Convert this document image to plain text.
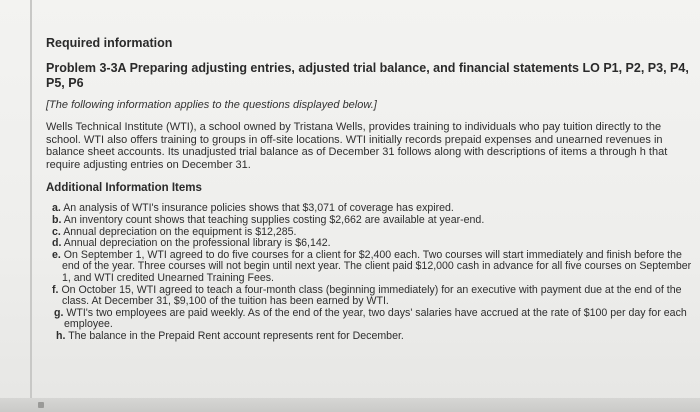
Required information

Problem 3-3A Preparing adjusting entries, adjusted trial balance, and financial statements LO P1, P2, P3, P4, P5, P6

[The following information applies to the questions displayed below.]

Wells Technical Institute (WTI), a school owned by Tristana Wells, provides training to individuals who pay tuition directly to the school. WTI also offers training to groups in off-site locations. WTI initially records prepaid expenses and unearned revenues in balance sheet accounts. Its unadjusted trial balance as of December 31 follows along with descriptions of items a through h that require adjusting entries on December 31.

Additional Information Items

a. An analysis of WTI's insurance policies shows that $3,071 of coverage has expired.
b. An inventory count shows that teaching supplies costing $2,662 are available at year-end.
c. Annual depreciation on the equipment is $12,285.
d. Annual depreciation on the professional library is $6,142.
e. On September 1, WTI agreed to do five courses for a client for $2,400 each. Two courses will start immediately and finish before the end of the year. Three courses will not begin until next year. The client paid $12,000 cash in advance for all five courses on September 1, and WTI credited Unearned Training Fees.
f. On October 15, WTI agreed to teach a four-month class (beginning immediately) for an executive with payment due at the end of the class. At December 31, $9,100 of the tuition has been earned by WTI.
g. WTI's two employees are paid weekly. As of the end of the year, two days' salaries have accrued at the rate of $100 per day for each employee.
h. The balance in the Prepaid Rent account represents rent for December.
